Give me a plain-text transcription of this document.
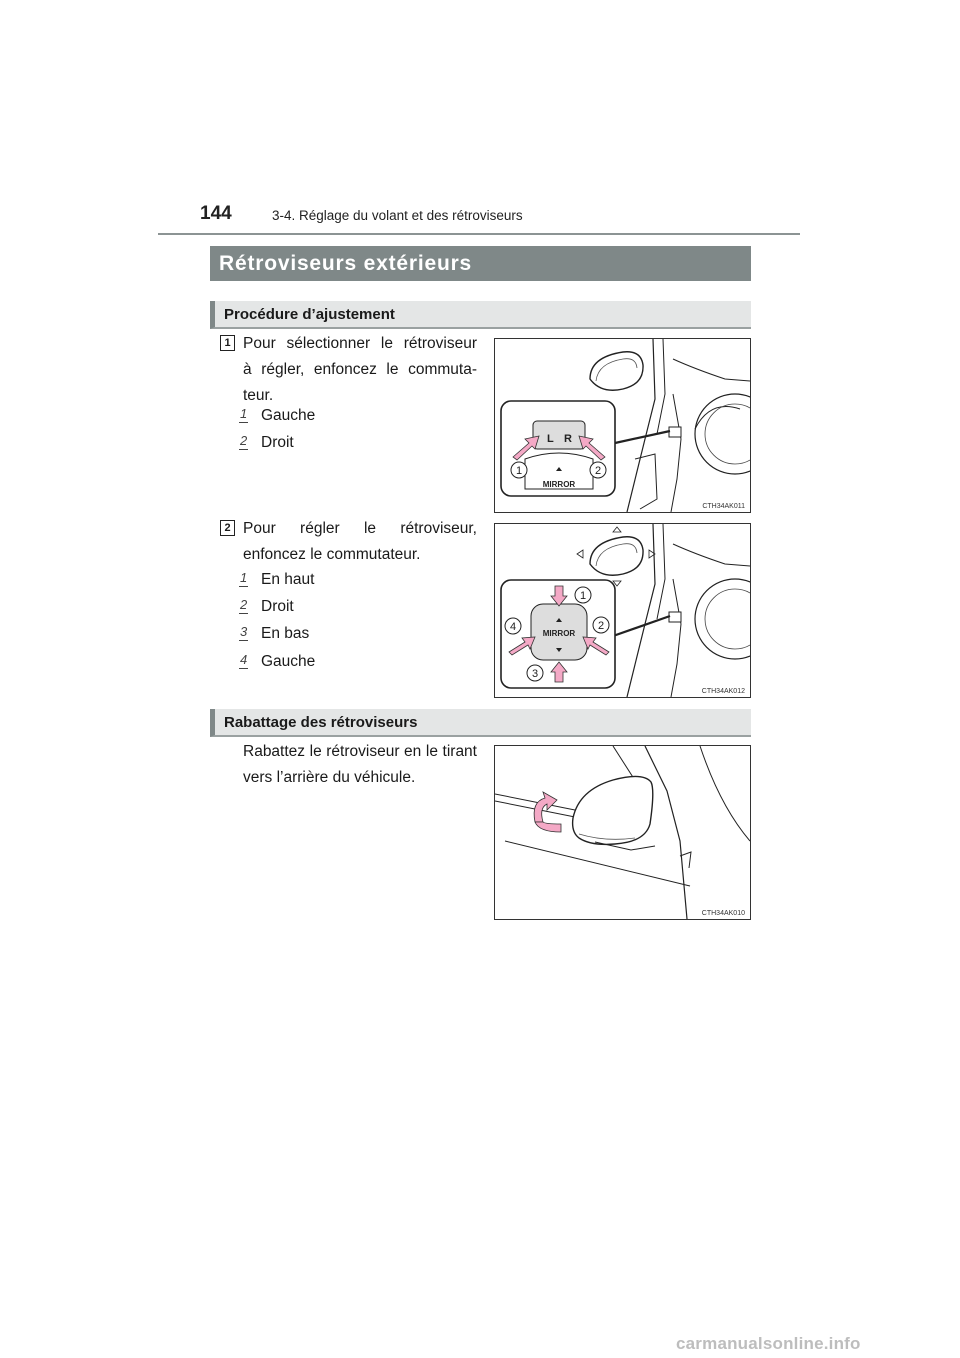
144	3-4. Réglage du volant et des rétroviseurs
Rétroviseurs extérieurs
Procédure d’ajustement
1 Pour sélectionner le rétroviseur
à régler, enfoncez le commuta-
teur.
1 Gauche
2 Droit	L R
MIRROR
1	2
CTH34AK011
2 Pour régler le rétroviseur,
enfoncez le commutateur.
1 En haut
2 Droit
3 En bas
4 Gauche
MIRROR
1
2
3
4
CTH34AK012
Rabattage des rétroviseurs
Rabattez le rétroviseur en le tirant
vers l’arrière du véhicule.
CTH34AK010
carmanualsonline.info
